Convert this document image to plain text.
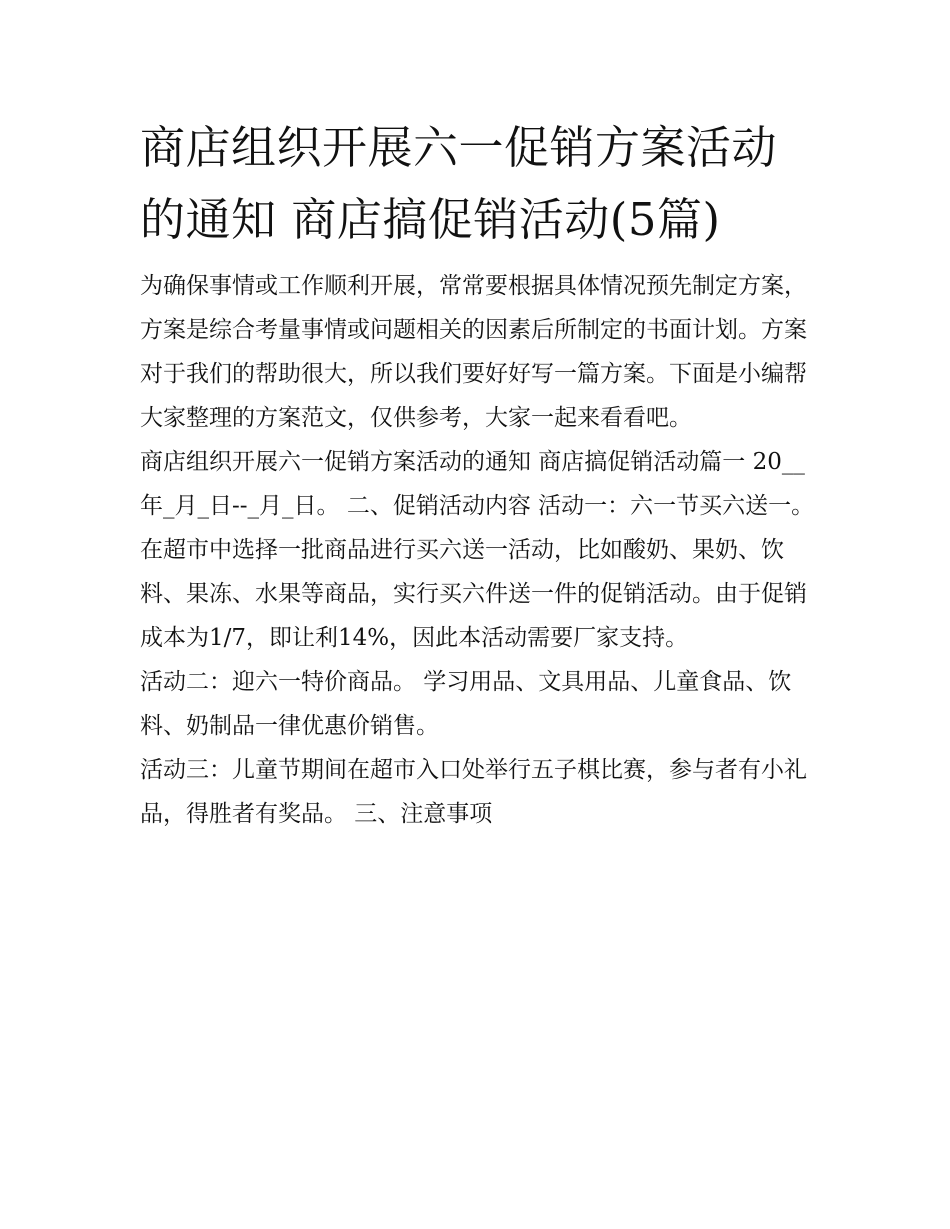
商店组织开展六一促销方案活动的通知 商店搞促销活动(5篇)

为确保事情或工作顺利开展，常常要根据具体情况预先制定方案，方案是综合考量事情或问题相关的因素后所制定的书面计划。方案对于我们的帮助很大，所以我们要好好写一篇方案。下面是小编帮大家整理的方案范文，仅供参考，大家一起来看看吧。

商店组织开展六一促销方案活动的通知 商店搞促销活动篇一 20__年_月_日--_月_日。 二、促销活动内容 活动一：六一节买六送一。

在超市中选择一批商品进行买六送一活动，比如酸奶、果奶、饮料、果冻、水果等商品，实行买六件送一件的促销活动。由于促销成本为1/7，即让利14%，因此本活动需要厂家支持。

活动二：迎六一特价商品。 学习用品、文具用品、儿童食品、饮料、奶制品一律优惠价销售。

活动三：儿童节期间在超市入口处举行五子棋比赛，参与者有小礼品，得胜者有奖品。 三、注意事项
